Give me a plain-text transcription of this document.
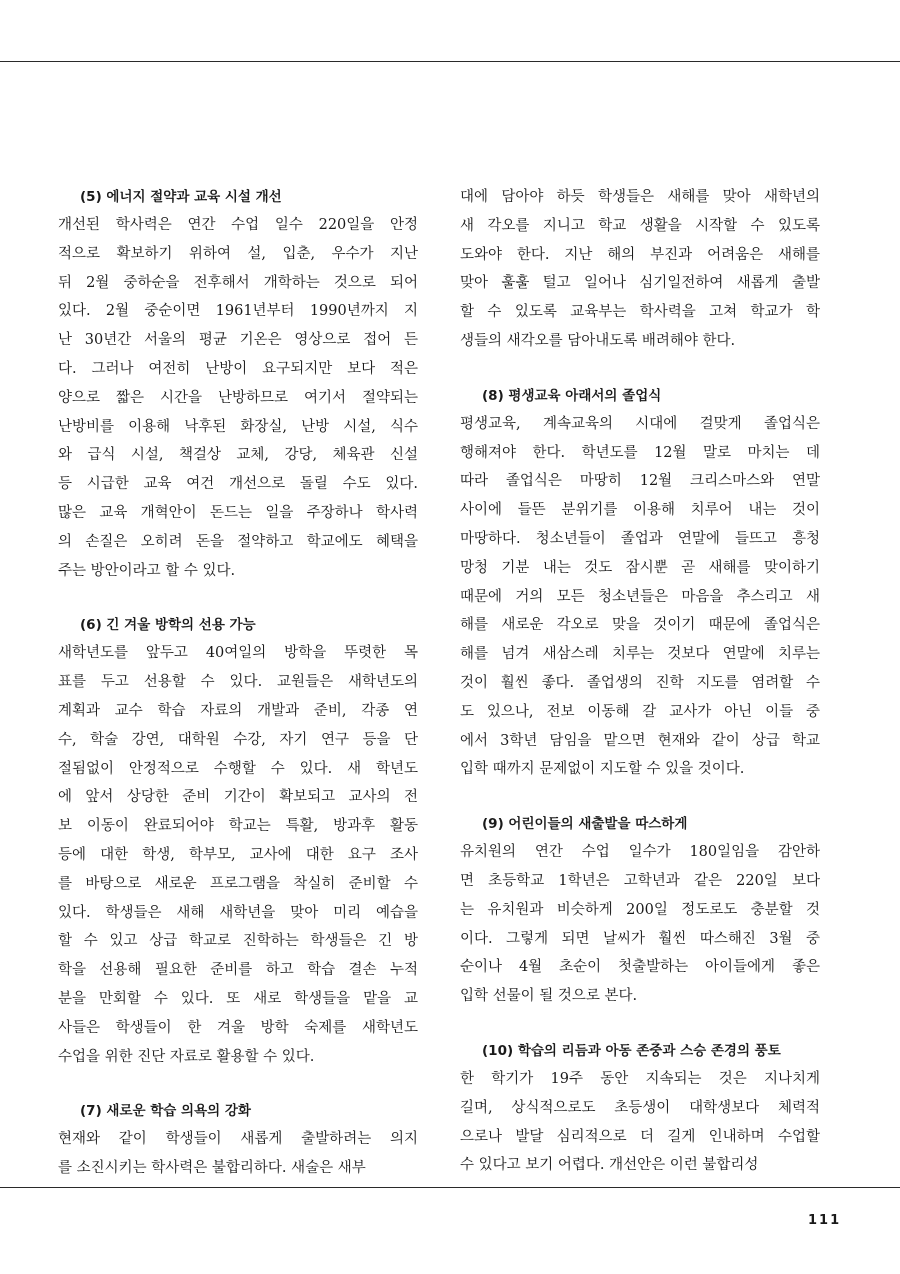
(5) 에너지 절약과 교육 시설 개선

개선된 학사력은 연간 수업 일수 220일을 안정
적으로 확보하기 위하여 설, 입춘, 우수가 지난
뒤 2월 중하순을 전후해서 개학하는 것으로 되어
있다. 2월 중순이면 1961년부터 1990년까지 지
난 30년간 서울의 평균 기온은 영상으로 접어 든
다. 그러나 여전히 난방이 요구되지만 보다 적은
양으로 짧은 시간을 난방하므로 여기서 절약되는
난방비를 이용해 낙후된 화장실, 난방 시설, 식수
와 급식 시설, 책걸상 교체, 강당, 체육관 신설
등 시급한 교육 여건 개선으로 돌릴 수도 있다.
많은 교육 개혁안이 돈드는 일을 주장하나 학사력
의 손질은 오히려 돈을 절약하고 학교에도 혜택을
주는 방안이라고 할 수 있다.

(6) 긴 겨울 방학의 선용 가능

새학년도를 앞두고 40여일의 방학을 뚜렷한 목
표를 두고 선용할 수 있다. 교원들은 새학년도의
계획과 교수 학습 자료의 개발과 준비, 각종 연
수, 학술 강연, 대학원 수강, 자기 연구 등을 단
절됨없이 안정적으로 수행할 수 있다. 새 학년도
에 앞서 상당한 준비 기간이 확보되고 교사의 전
보 이동이 완료되어야 학교는 특활, 방과후 활동
등에 대한 학생, 학부모, 교사에 대한 요구 조사
를 바탕으로 새로운 프로그램을 착실히 준비할 수
있다. 학생들은 새해 새학년을 맞아 미리 예습을
할 수 있고 상급 학교로 진학하는 학생들은 긴 방
학을 선용해 필요한 준비를 하고 학습 결손 누적
분을 만회할 수 있다. 또 새로 학생들을 맡을 교
사들은 학생들이 한 겨울 방학 숙제를 새학년도
수업을 위한 진단 자료로 활용할 수 있다.

(7) 새로운 학습 의욕의 강화

현재와 같이 학생들이 새롭게 출발하려는 의지
를 소진시키는 학사력은 불합리하다. 새술은 새부

대에 담아야 하듯 학생들은 새해를 맞아 새학년의
새 각오를 지니고 학교 생활을 시작할 수 있도록
도와야 한다. 지난 해의 부진과 어려움은 새해를
맞아 훌훌 털고 일어나 심기일전하여 새롭게 출발
할 수 있도록 교육부는 학사력을 고쳐 학교가 학
생들의 새각오를 담아내도록 배려해야 한다.

(8) 평생교육 아래서의 졸업식

평생교육, 계속교육의 시대에 걸맞게 졸업식은
행해져야 한다. 학년도를 12월 말로 마치는 데
따라 졸업식은 마땅히 12월 크리스마스와 연말
사이에 들뜬 분위기를 이용해 치루어 내는 것이
마땅하다. 청소년들이 졸업과 연말에 들뜨고 흥청
망청 기분 내는 것도 잠시뿐 곧 새해를 맞이하기
때문에 거의 모든 청소년들은 마음을 추스리고 새
해를 새로운 각오로 맞을 것이기 때문에 졸업식은
해를 넘겨 새삼스레 치루는 것보다 연말에 치루는
것이 훨씬 좋다. 졸업생의 진학 지도를 염려할 수
도 있으나, 전보 이동해 갈 교사가 아닌 이들 중
에서 3학년 담임을 맡으면 현재와 같이 상급 학교
입학 때까지 문제없이 지도할 수 있을 것이다.

(9) 어린이들의 새출발을 따스하게

유치원의 연간 수업 일수가 180일임을 감안하
면 초등학교 1학년은 고학년과 같은 220일 보다
는 유치원과 비슷하게 200일 정도로도 충분할 것
이다. 그렇게 되면 날씨가 훨씬 따스해진 3월 중
순이나 4월 초순이 첫출발하는 아이들에게 좋은
입학 선물이 될 것으로 본다.

(10) 학습의 리듬과 아동 존중과 스승 존경의 풍토

한 학기가 19주 동안 지속되는 것은 지나치게
길며, 상식적으로도 초등생이 대학생보다 체력적
으로나 발달 심리적으로 더 길게 인내하며 수업할
수 있다고 보기 어렵다. 개선안은 이런 불합리성

111
